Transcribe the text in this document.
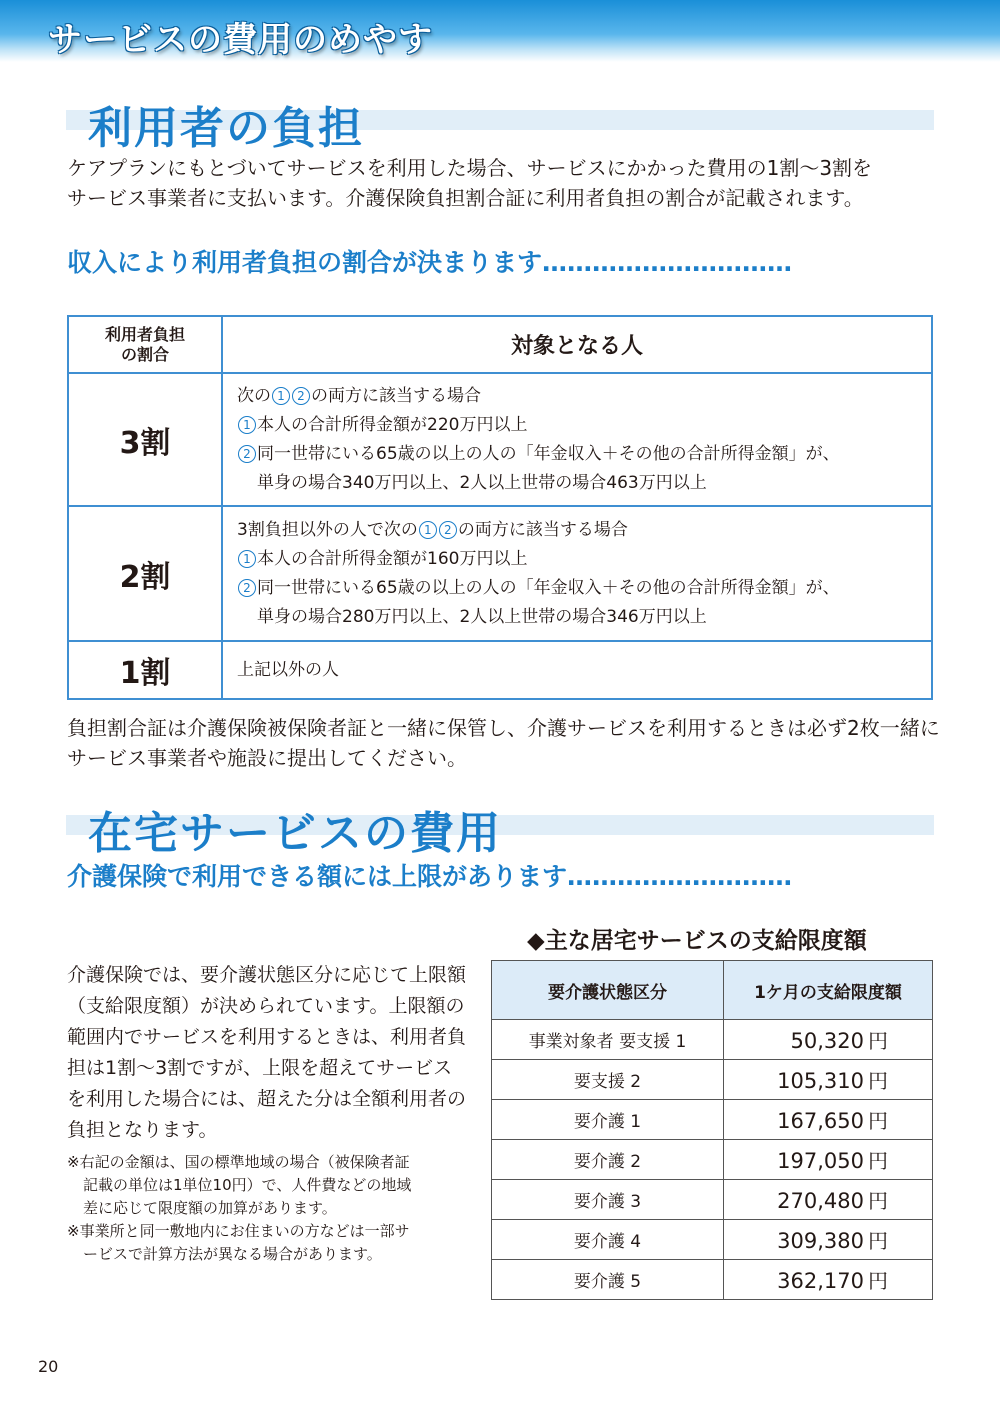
サービスの費用のめやす
利用者の負担
ケアプランにもとづいてサービスを利用した場合、サービスにかかった費用の1割〜3割を
サービス事業者に支払います。介護保険負担割合証に利用者負担の割合が記載されます。
収入により利用者負担の割合が決まります…………………………
利用者負担
の割合	対象となる人
3割	次の 1 2 の両方に該当する場合
1 本人の合計所得金額が220万円以上
2 同一世帯にいる65歳の以上の人の「年金収入＋その他の合計所得金額」が、
単身の場合340万円以上、2人以上世帯の場合463万円以上

2割	3割負担以外の人で次の 1 2 の両方に該当する場合
1 本人の合計所得金額が160万円以上
2 同一世帯にいる65歳の以上の人の「年金収入＋その他の合計所得金額」が、
単身の場合280万円以上、2人以上世帯の場合346万円以上

1割	上記以外の人
負担割合証は介護保険被保険者証と一緒に保管し、介護サービスを利用するときは必ず2枚一緒に
サービス事業者や施設に提出してください。
在宅サービスの費用
介護保険で利用できる額には上限があります………………………
介護保険では、要介護状態区分に応じて上限額
（支給限度額）が決められています。上限額の
範囲内でサービスを利用するときは、利用者負
担は1割〜3割ですが、上限を超えてサービス
を利用した場合には、超えた分は全額利用者の
負担となります。
※右記の金額は、国の標準地域の場合（被保険者証
記載の単位は1単位10円）で、人件費などの地域
差に応じて限度額の加算があります。
※事業所と同一敷地内にお住まいの方などは一部サ
ービスで計算方法が異なる場合があります。
◆主な居宅サービスの支給限度額
要介護状態区分	1ケ月の支給限度額
事業対象者 要支援 1	50,320 円
要支援 2	105,310 円
要介護 1	167,650 円
要介護 2	197,050 円
要介護 3	270,480 円
要介護 4	309,380 円
要介護 5	362,170 円
20
